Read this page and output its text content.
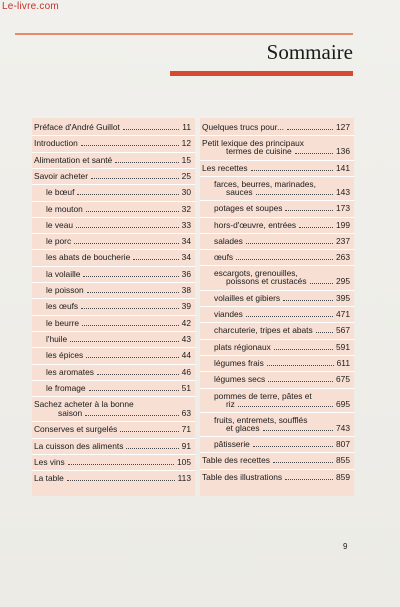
Le-livre.com
Sommaire
Préface d'André Guillot	11
Introduction	12
Alimentation et santé	15
Savoir acheter	25
le bœuf	30
le mouton	32
le veau	33
le porc	34
les abats de boucherie	34
la volaille	36
le poisson	38
les œufs	39
le beurre	42
l'huile	43
les épices	44
les aromates	46
le fromage	51
Sachez acheter à la bonne
saison	63
Conserves et surgelés	71
La cuisson des aliments	91
Les vins	105
La table	113
Quelques trucs pour...	127
Petit lexique des principaux
termes de cuisine	136
Les recettes	141
farces, beurres, marinades,
sauces	143
potages et soupes	173
hors-d'œuvre, entrées	199
salades	237
œufs	263
escargots, grenouilles,
poissons et crustacés	295
volailles et gibiers	395
viandes	471
charcuterie, tripes et abats	567
plats régionaux	591
légumes frais	611
légumes secs	675
pommes de terre, pâtes et
riz	695
fruits, entremets, soufflés
et glaces	743
pâtisserie	807
Table des recettes	855
Table des illustrations	859
9
